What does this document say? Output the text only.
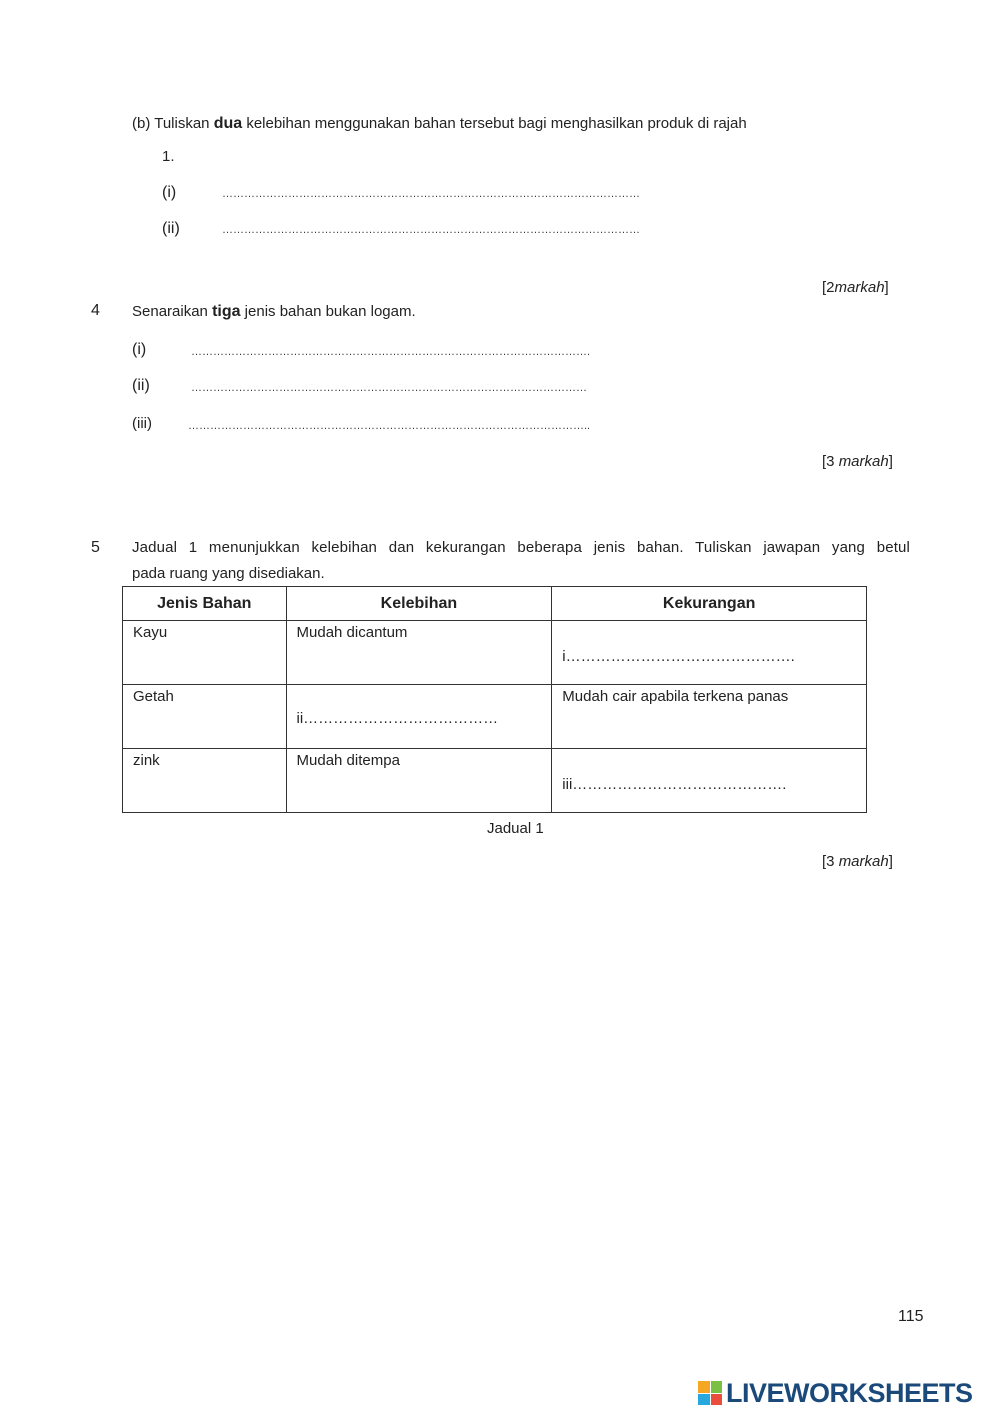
(b) Tuliskan dua kelebihan menggunakan bahan tersebut bagi menghasilkan produk di rajah
1.
(i)	……………………………………………………………………………………………………
(ii)	……………………………………………………………………………………………………
[2markah]
4 Senaraikan tiga jenis bahan bukan logam.
(i)	……………………………………………………………………………………………….
(ii)	………………………………………………………………………………………………
(iii)	………………………………………………………………………………………………..
[3 markah]
5 Jadual 1 menunjukkan kelebihan dan kekurangan beberapa jenis bahan. Tuliskan jawapan yang betul
pada ruang yang disediakan.
Jenis Bahan	Kelebihan	Kekurangan
Kayu	Mudah dicantum	i……………………………………….

Getah	ii…………………………………	Mudah cair apabila terkena panas
zink	Mudah ditempa	iii…………………………………….
Jadual 1
[3 markah]
115
LIVEWORKSHEETS
